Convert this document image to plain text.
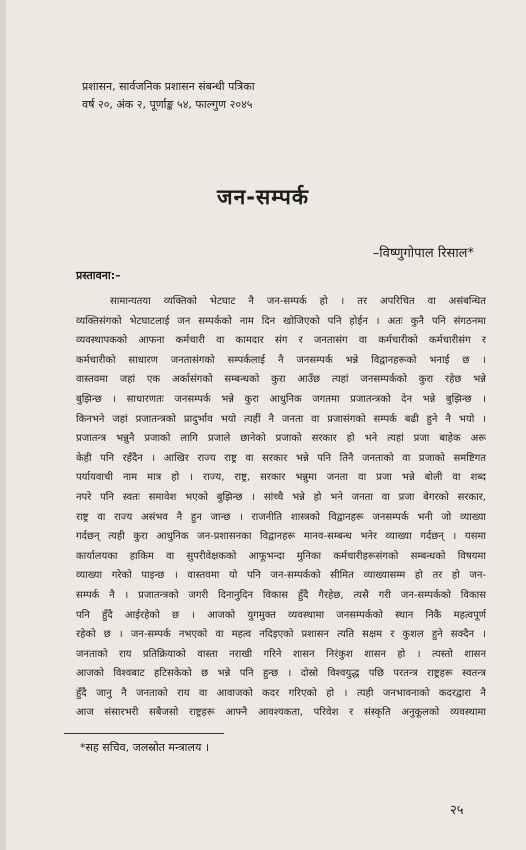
प्रशासन, सार्वजनिक प्रशासन संबन्धी पत्रिका
वर्ष २०, अंक २, पूर्णाङ्क ५४, फाल्गुण २०४५
जन-सम्पर्क
–विष्णुगोपाल रिसाल*
प्रस्तावना:–
सामान्यतया व्यक्तिको भेटघाट नै जन-सम्पर्क हो । तर अपरिचित वा असंबन्धित
व्यक्तिसंगको भेटघाटलाई जन सम्पर्कको नाम दिन खोजिएको पनि होईन । अतः कुनै पनि संगठनमा
व्यवस्थापकको आफना कर्मचारी वा कामदार संग र जनतासंग वा कर्मचारीको कर्मचारीसंग र
कर्मचारीको साधारण जनतासंगको सम्पर्कलाई नै जनसम्पर्क भन्ने विद्वानहरूको भनाई छ ।
वास्तवमा जहां एक अर्कासंगको सम्बन्धको कुरा आउँछ त्यहां जनसम्पर्कको कुरा रहेछ भन्ने
बुझिन्छ । साधारणतः जनसम्पर्क भन्ने कुरा आधुनिक जगतमा प्रजातन्त्रको देन भन्ने बुझिन्छ ।
किनभने जहां प्रजातन्त्रको प्रादुर्भाव भयो त्यहीं नै जनता वा प्रजासंगको सम्पर्क बढी हुने नै भयो ।
प्रजातन्त्र भन्नुनै प्रजाको लागि प्रजाले छानेको प्रजाको सरकार हो भने त्यहां प्रजा बाहेक अरू
केही पनि रहँदैन । आखिर राज्य राष्ट्र वा सरकार भन्ने पनि तिनै जनताको वा प्रजाको समष्टिगत
पर्यायवाची नाम मात्र हो । राज्य, राष्ट्र, सरकार भन्नुमा जनता वा प्रजा भन्ने बोली वा शब्द
नपरे पनि स्वतः समावेश भएको बुझिन्छ । सांच्चै भन्ने हो भने जनता वा प्रजा बेगरको सरकार,
राष्ट्र वा राज्य असंभव नै हुन जान्छ । राजनीति शास्त्रको विद्वानहरू जनसम्पर्क भनी जो व्याख्या
गर्दछन् त्यही कुरा आधुनिक जन-प्रशासनका विद्वानहरू मानव-सम्बन्ध भनेर व्याख्या गर्दछन् । यसमा
कार्यालयका हाकिम वा सुपरीवेक्षकको आफूभन्दा मुनिका कर्मचारीहरूसंगको सम्बन्धको विषयमा
व्याख्या गरेको पाइन्छ । वास्तवमा यो पनि जन-सम्पर्कको सीमित व्याख्यासम्म हो तर हो जन-
सम्पर्क नै । प्रजातन्त्रको जगरी दिनानुदिन विकास हुँदै गैरहेछ, त्यसै गरी जन-सम्पर्कको विकास
पनि हुँदै आईरहेको छ । आजको युगमुक्त व्यवस्थामा जनसम्पर्कको स्थान निकै महत्वपूर्ण
रहेको छ । जन-सम्पर्क नभएको वा महत्व नदिइएको प्रशासन त्यति सक्षम र कुशल हुने सक्दैन ।
जनताको राय प्रतिक्रियाको वास्ता नराखी गरिने शासन निरंकुश शासन हो । त्यस्तो शासन
आजको विश्वबाट हटिसकेको छ भन्ने पनि हुन्छ । दोस्रो विश्वयुद्ध पछि परतन्त्र राष्ट्रहरू स्वतन्त्र
हुँदै जानु नै जनताको राय वा आवाजको कदर गरिएको हो । त्यही जनभावनाको कदरद्वारा नै
आज संसारभरी सबैजसो राष्ट्रहरू आफ्नै आवश्यकता, परिवेश र संस्कृति अनुकूलको व्यवस्थामा
*सह सचिव, जलस्रोत मन्त्रालय ।
२५
